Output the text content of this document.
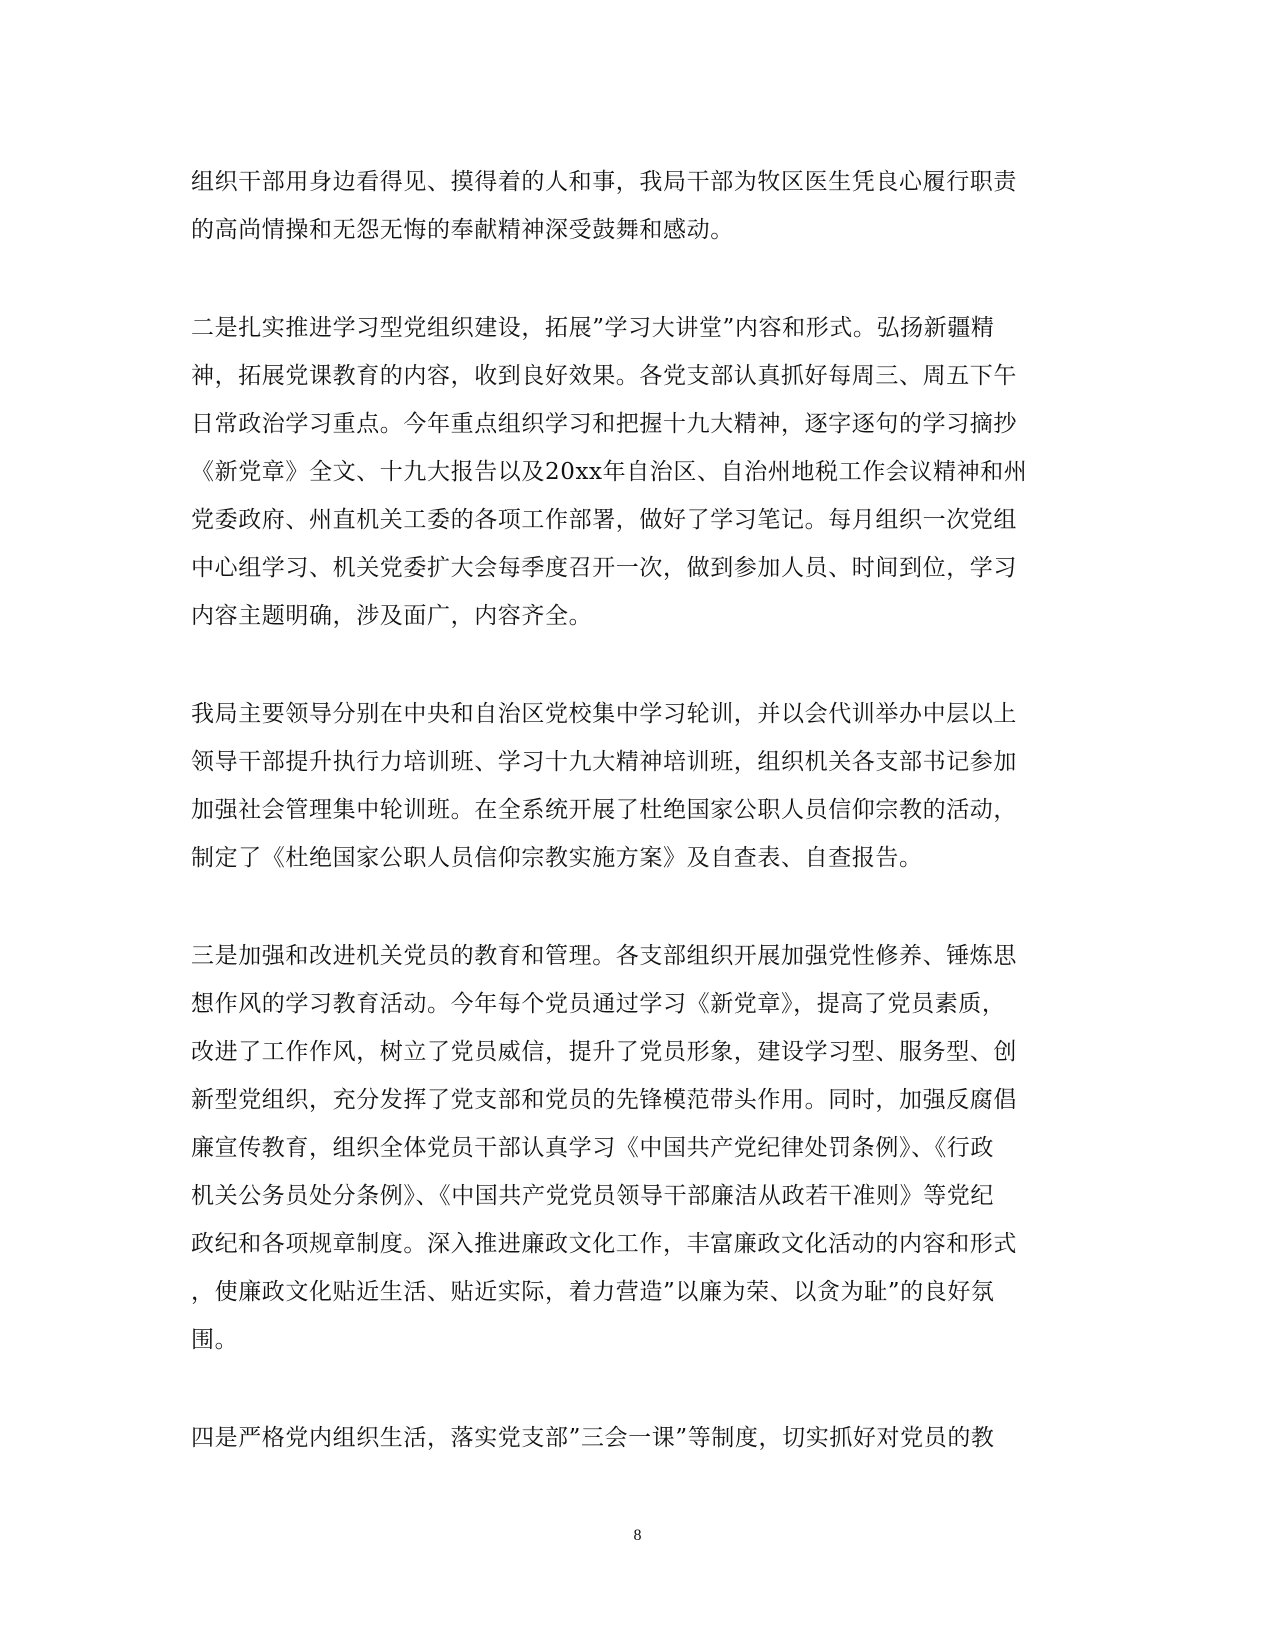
组织干部用身边看得见、摸得着的人和事，我局干部为牧区医生凭良心履行职责
的高尚情操和无怨无悔的奉献精神深受鼓舞和感动。
二是扎实推进学习型党组织建设，拓展”学习大讲堂”内容和形式。弘扬新疆精
神，拓展党课教育的内容，收到良好效果。各党支部认真抓好每周三、周五下午
日常政治学习重点。今年重点组织学习和把握十九大精神，逐字逐句的学习摘抄
《新党章》全文、十九大报告以及20xx年自治区、自治州地税工作会议精神和州
党委政府、州直机关工委的各项工作部署，做好了学习笔记。每月组织一次党组
中心组学习、机关党委扩大会每季度召开一次，做到参加人员、时间到位，学习
内容主题明确，涉及面广，内容齐全。
我局主要领导分别在中央和自治区党校集中学习轮训，并以会代训举办中层以上
领导干部提升执行力培训班、学习十九大精神培训班，组织机关各支部书记参加
加强社会管理集中轮训班。在全系统开展了杜绝国家公职人员信仰宗教的活动，
制定了《杜绝国家公职人员信仰宗教实施方案》及自查表、自查报告。
三是加强和改进机关党员的教育和管理。各支部组织开展加强党性修养、锤炼思
想作风的学习教育活动。今年每个党员通过学习《新党章》，提高了党员素质，
改进了工作作风，树立了党员威信，提升了党员形象，建设学习型、服务型、创
新型党组织，充分发挥了党支部和党员的先锋模范带头作用。同时，加强反腐倡
廉宣传教育，组织全体党员干部认真学习《中国共产党纪律处罚条例》、《行政
机关公务员处分条例》、《中国共产党党员领导干部廉洁从政若干准则》等党纪
政纪和各项规章制度。深入推进廉政文化工作，丰富廉政文化活动的内容和形式
，使廉政文化贴近生活、贴近实际，着力营造”以廉为荣、以贪为耻”的良好氛
围。
四是严格党内组织生活，落实党支部”三会一课”等制度，切实抓好对党员的教
8
